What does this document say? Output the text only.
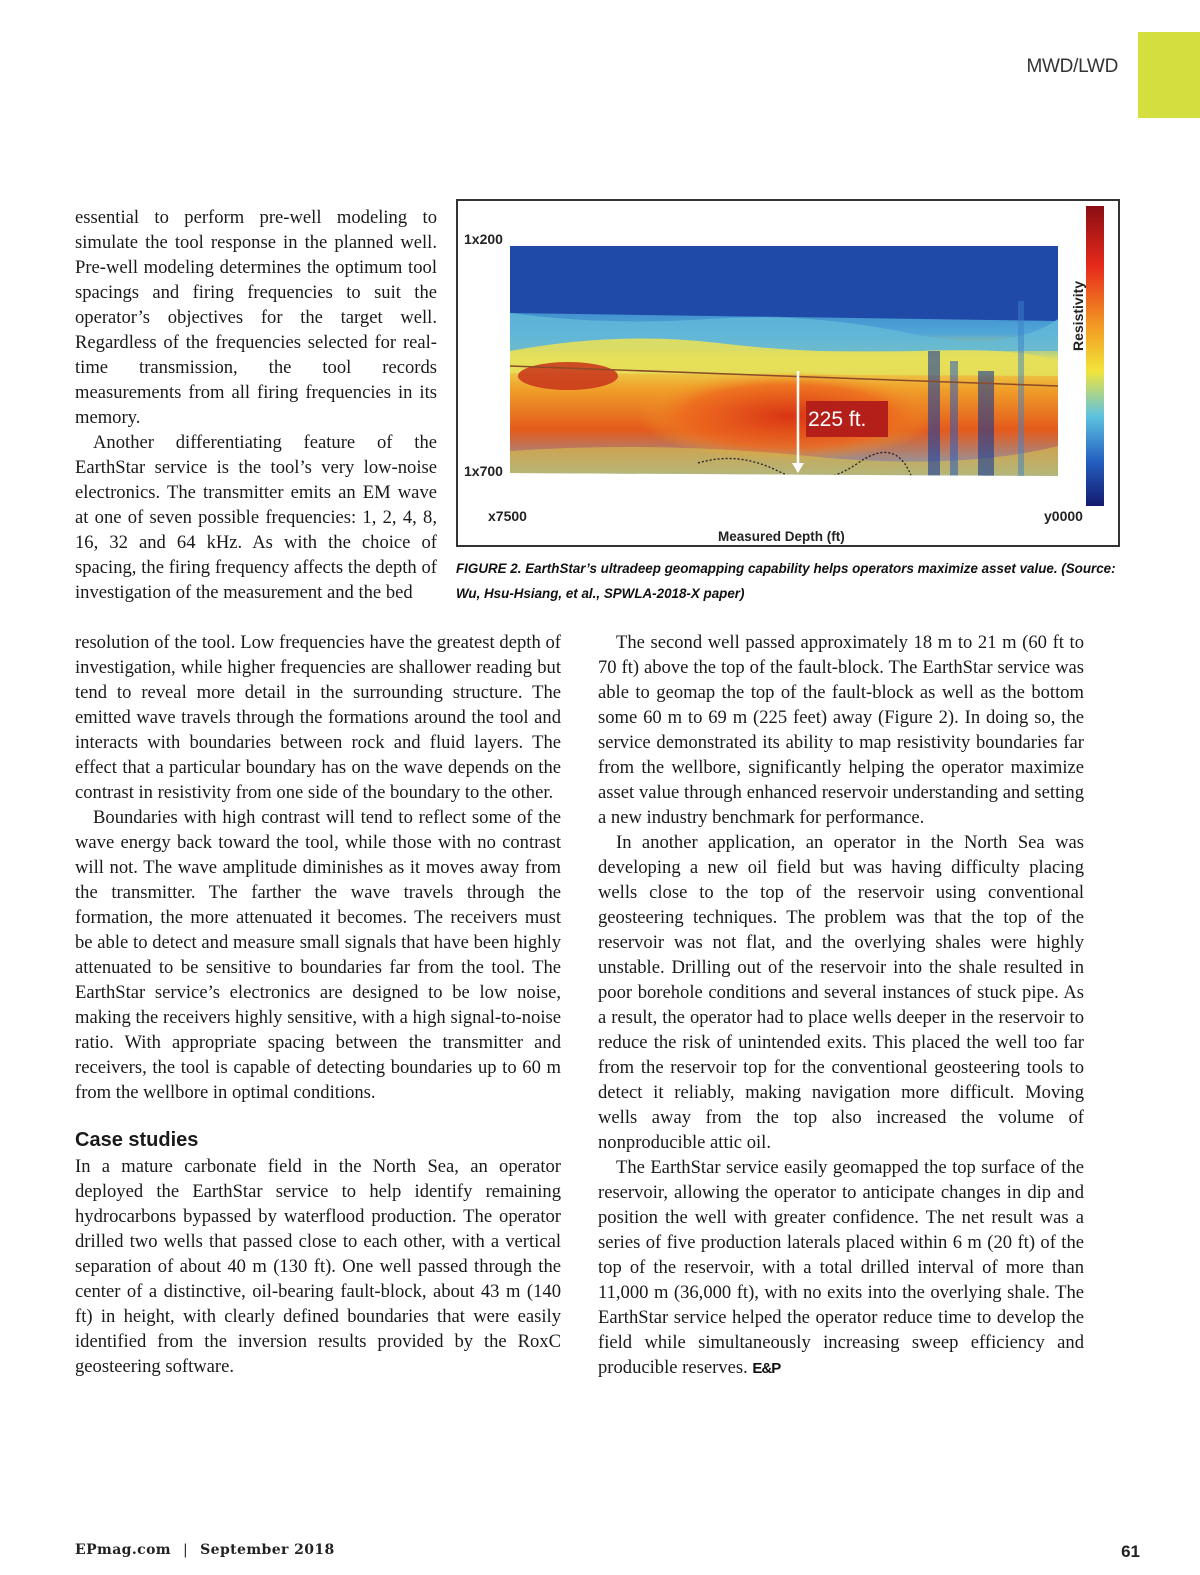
MWD/LWD

essential to perform pre-well modeling to simulate the tool response in the planned well. Pre-well modeling determines the optimum tool spacings and firing frequencies to suit the operator’s objectives for the target well. Regardless of the frequencies selected for real-time transmission, the tool records measurements from all firing frequencies in its memory.

Another differentiating feature of the EarthStar service is the tool’s very low-noise electronics. The transmitter emits an EM wave at one of seven possible frequencies: 1, 2, 4, 8, 16, 32 and 64 kHz. As with the choice of spacing, the firing frequency affects the depth of investigation of the measurement and the bed

1x200
1x700
x7500	y0000
Measured Depth (ft)
225 ft.
Resistivity
FIGURE 2. EarthStar’s ultradeep geomapping capability helps operators maximize asset value. (Source: Wu, Hsu-Hsiang, et al., SPWLA-2018-X paper)

resolution of the tool. Low frequencies have the greatest depth of investigation, while higher frequencies are shallower reading but tend to reveal more detail in the surrounding structure. The emitted wave travels through the formations around the tool and interacts with boundaries between rock and fluid layers. The effect that a particular boundary has on the wave depends on the contrast in resistivity from one side of the boundary to the other.

Boundaries with high contrast will tend to reflect some of the wave energy back toward the tool, while those with no contrast will not. The wave amplitude diminishes as it moves away from the transmitter. The farther the wave travels through the formation, the more attenuated it becomes. The receivers must be able to detect and measure small signals that have been highly attenuated to be sensitive to boundaries far from the tool. The EarthStar service’s electronics are designed to be low noise, making the receivers highly sensitive, with a high signal-to-noise ratio. With appropriate spacing between the transmitter and receivers, the tool is capable of detecting boundaries up to 60 m from the wellbore in optimal conditions.

Case studies

In a mature carbonate field in the North Sea, an operator deployed the EarthStar service to help identify remaining hydrocarbons bypassed by waterflood production. The operator drilled two wells that passed close to each other, with a vertical separation of about 40 m (130 ft). One well passed through the center of a distinctive, oil-bearing fault-block, about 43 m (140 ft) in height, with clearly defined boundaries that were easily identified from the inversion results provided by the RoxC geosteering software.

The second well passed approximately 18 m to 21 m (60 ft to 70 ft) above the top of the fault-block. The EarthStar service was able to geomap the top of the fault-block as well as the bottom some 60 m to 69 m (225 feet) away (Figure 2). In doing so, the service demonstrated its ability to map resistivity boundaries far from the wellbore, significantly helping the operator maximize asset value through enhanced reservoir understanding and setting a new industry benchmark for performance.

In another application, an operator in the North Sea was developing a new oil field but was having difficulty placing wells close to the top of the reservoir using conventional geosteering techniques. The problem was that the top of the reservoir was not flat, and the overlying shales were highly unstable. Drilling out of the reservoir into the shale resulted in poor borehole conditions and several instances of stuck pipe. As a result, the operator had to place wells deeper in the reservoir to reduce the risk of unintended exits. This placed the well too far from the reservoir top for the conventional geosteering tools to detect it reliably, making navigation more difficult. Moving wells away from the top also increased the volume of nonproducible attic oil.

The EarthStar service easily geomapped the top surface of the reservoir, allowing the operator to anticipate changes in dip and position the well with greater confidence. The net result was a series of five production laterals placed within 6 m (20 ft) of the top of the reservoir, with a total drilled interval of more than 11,000 m (36,000 ft), with no exits into the overlying shale. The EarthStar service helped the operator reduce time to develop the field while simultaneously increasing sweep efficiency and producible reserves. E&P

EPmag.com | September 2018	61
